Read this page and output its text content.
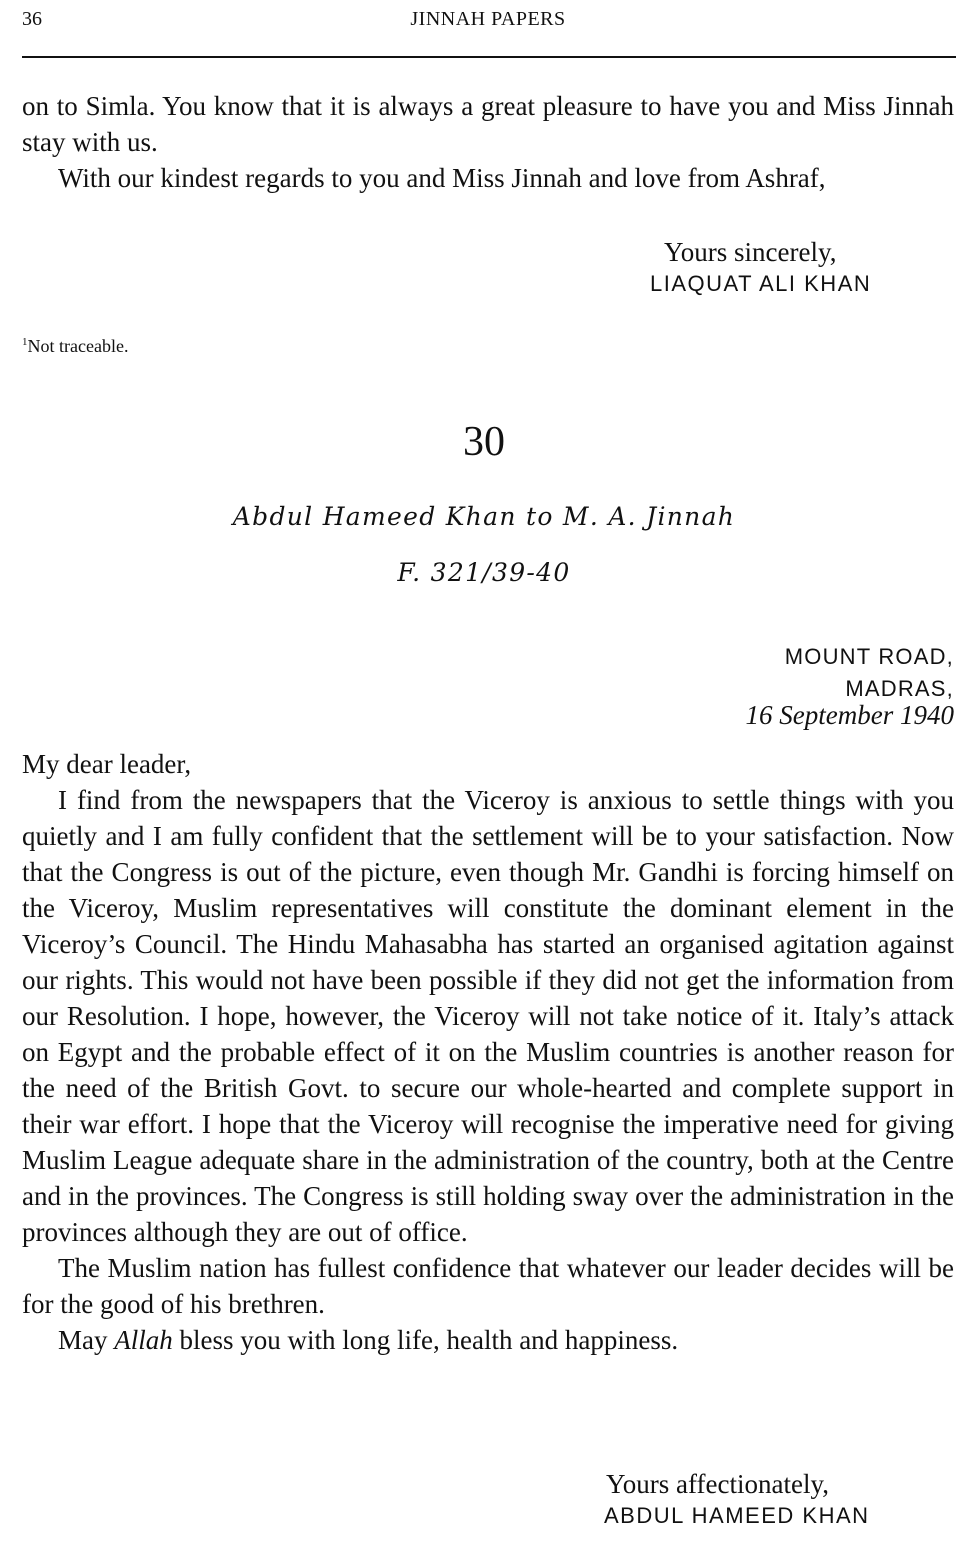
36	JINNAH PAPERS

on to Simla. You know that it is always a great pleasure to have you and Miss Jinnah stay with us.

With our kindest regards to you and Miss Jinnah and love from Ashraf,

Yours sincerely,
LIAQUAT ALI KHAN
$^1$Not traceable.
30
Abdul Hameed Khan to M. A. Jinnah
F. 321/39-40
MOUNT ROAD,
MADRAS,
16 September 1940

My dear leader,

I find from the newspapers that the Viceroy is anxious to settle things with you quietly and I am fully confident that the settlement will be to your satisfaction. Now that the Congress is out of the picture, even though Mr. Gandhi is forcing himself on the Viceroy, Muslim representatives will constitute the dominant element in the Viceroy’s Council. The Hindu Mahasabha has started an organised agitation against our rights. This would not have been possible if they did not get the information from our Resolution. I hope, however, the Viceroy will not take notice of it. Italy’s attack on Egypt and the probable effect of it on the Muslim countries is another reason for the need of the British Govt. to secure our whole-hearted and complete support in their war effort. I hope that the Viceroy will recognise the imperative need for giving Muslim League adequate share in the administration of the country, both at the Centre and in the provinces. The Congress is still holding sway over the administration in the provinces although they are out of office.

The Muslim nation has fullest confidence that whatever our leader decides will be for the good of his brethren.

May Allah bless you with long life, health and happiness.

Yours affectionately,
ABDUL HAMEED KHAN
